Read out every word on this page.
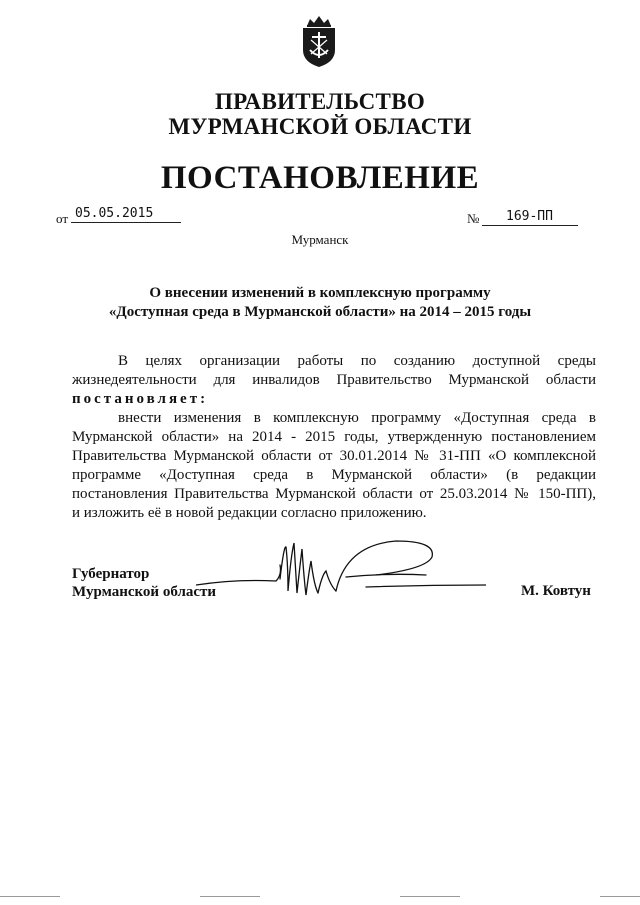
ПРАВИТЕЛЬСТВО
МУРМАНСКОЙ ОБЛАСТИ
ПОСТАНОВЛЕНИЕ
от 05.05.2015	№	169-ПП
Мурманск
О внесении изменений в комплексную программу
«Доступная среда в Мурманской области» на 2014 – 2015 годы
В целях организации работы по созданию доступной среды
жизнедеятельности для инвалидов Правительство Мурманской области
постановляет:
внести изменения в комплексную программу «Доступная среда в
Мурманской области» на 2014 - 2015 годы, утвержденную постановлением
Правительства Мурманской области от 30.01.2014 № 31-ПП «О комплексной
программе «Доступная среда в Мурманской области» (в редакции
постановления Правительства Мурманской области от 25.03.2014 № 150-ПП),
и изложить её в новой редакции согласно приложению.
Губернатор
Мурманской области	М. Ковтун
